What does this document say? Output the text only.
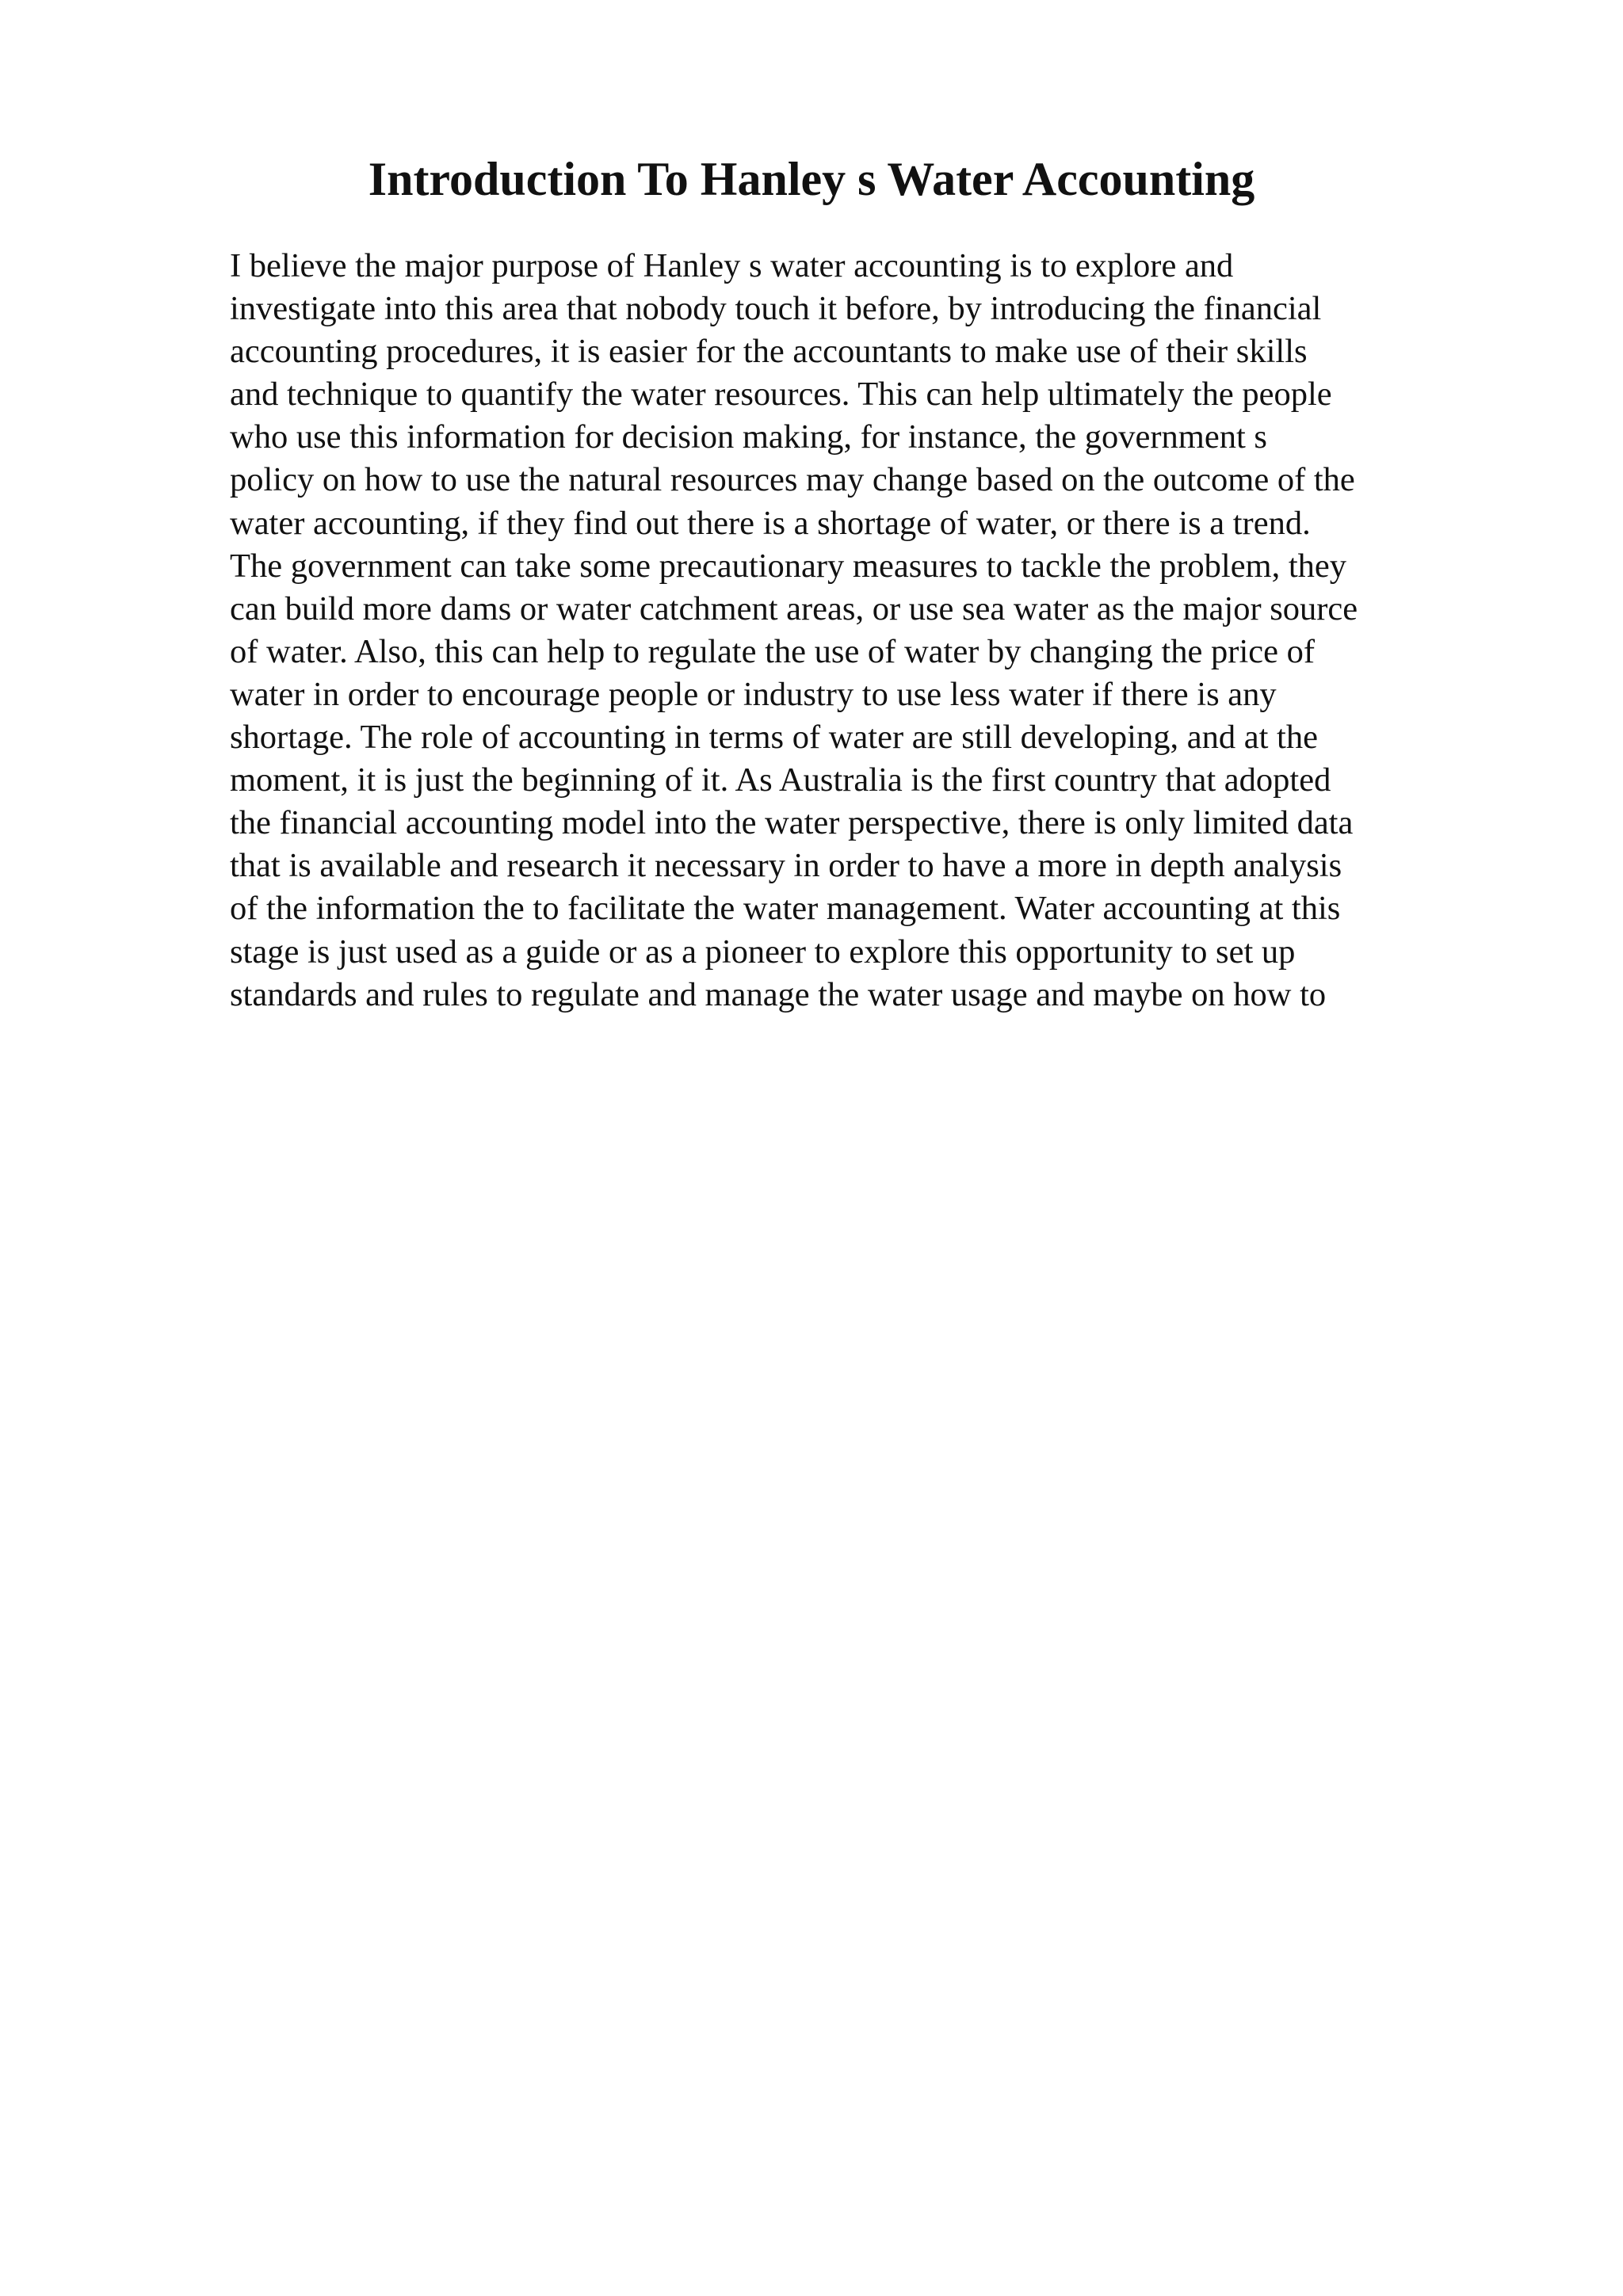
Introduction To Hanley s Water Accounting
I believe the major purpose of Hanley s water accounting is to explore and
investigate into this area that nobody touch it before, by introducing the financial
accounting procedures, it is easier for the accountants to make use of their skills
and technique to quantify the water resources. This can help ultimately the people
who use this information for decision making, for instance, the government s
policy on how to use the natural resources may change based on the outcome of the
water accounting, if they find out there is a shortage of water, or there is a trend.
The government can take some precautionary measures to tackle the problem, they
can build more dams or water catchment areas, or use sea water as the major source
of water. Also, this can help to regulate the use of water by changing the price of
water in order to encourage people or industry to use less water if there is any
shortage. The role of accounting in terms of water are still developing, and at the
moment, it is just the beginning of it. As Australia is the first country that adopted
the financial accounting model into the water perspective, there is only limited data
that is available and research it necessary in order to have a more in depth analysis
of the information the to facilitate the water management. Water accounting at this
stage is just used as a guide or as a pioneer to explore this opportunity to set up
standards and rules to regulate and manage the water usage and maybe on how to
